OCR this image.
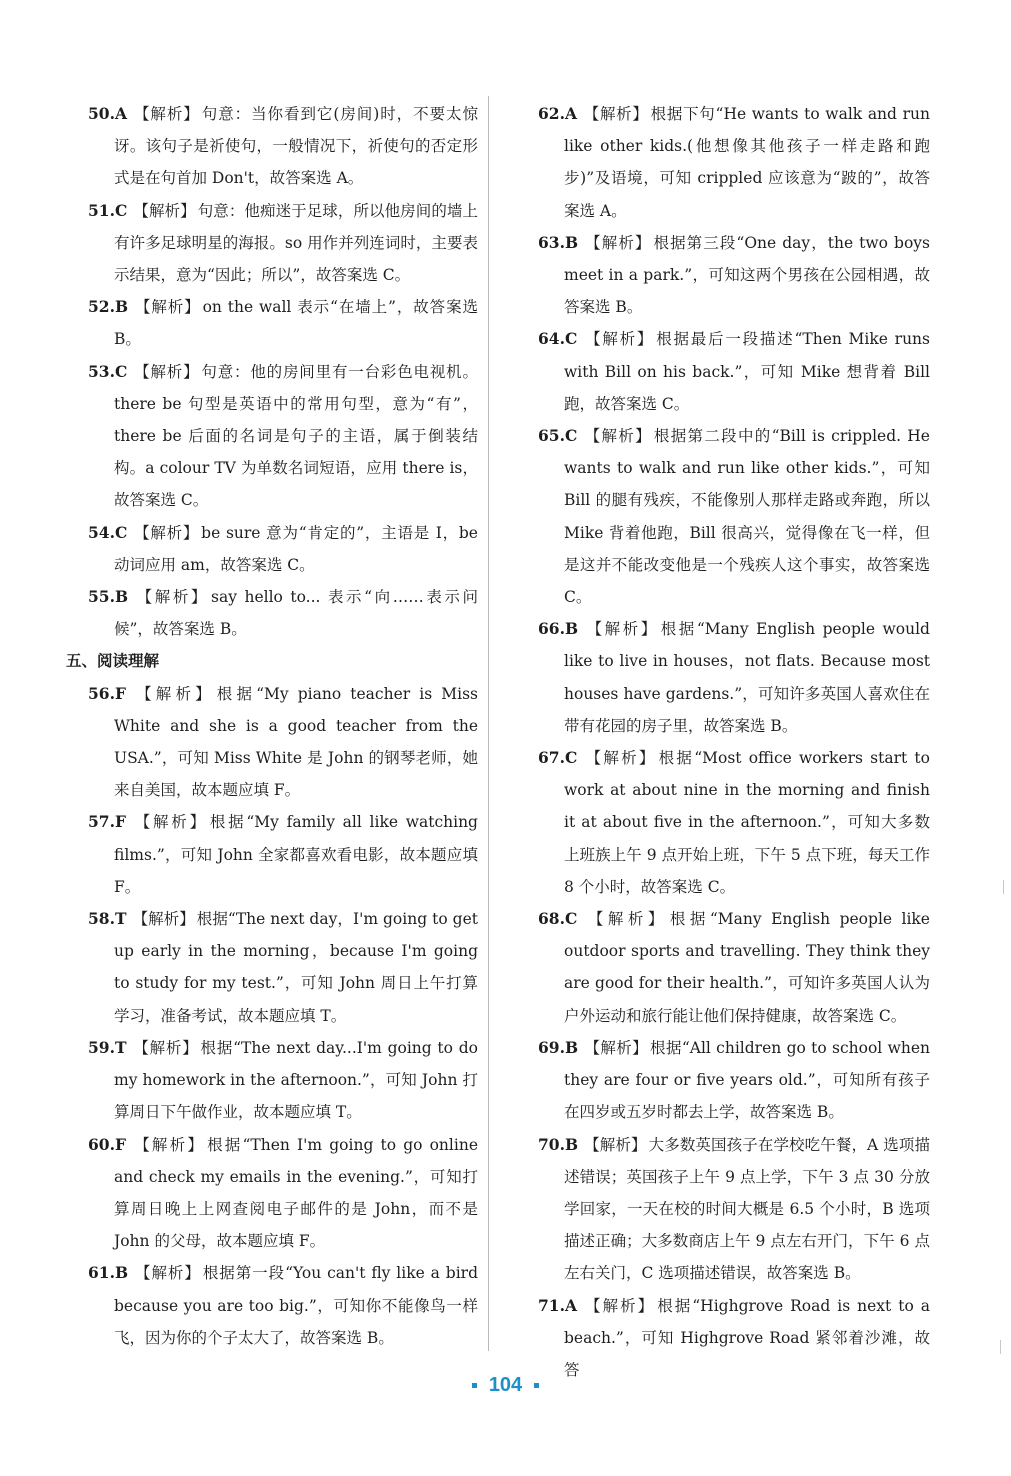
50.A 【解析】 句意：当你看到它(房间)时，不要太惊讶。该句子是祈使句，一般情况下，祈使句的否定形式是在句首加 Don't，故答案选 A。

51.C 【解析】 句意：他痴迷于足球，所以他房间的墙上有许多足球明星的海报。so 用作并列连词时，主要表示结果，意为“因此；所以”，故答案选 C。

52.B 【解析】 on the wall 表示“在墙上”，故答案选 B。

53.C 【解析】 句意：他的房间里有一台彩色电视机。there be 句型是英语中的常用句型，意为“有”，there be 后面的名词是句子的主语，属于倒装结构。a colour TV 为单数名词短语，应用 there is，故答案选 C。

54.C 【解析】 be sure 意为“肯定的”，主语是 I，be 动词应用 am，故答案选 C。

55.B 【解析】 say hello to... 表示“向……表示问候”，故答案选 B。

五、阅读理解

56.F 【解析】 根据“My piano teacher is Miss White and she is a good teacher from the USA.”，可知 Miss White 是 John 的钢琴老师，她来自美国，故本题应填 F。

57.F 【解析】 根据“My family all like watching films.”，可知 John 全家都喜欢看电影，故本题应填 F。

58.T 【解析】 根据“The next day，I'm going to get up early in the morning，because I'm going to study for my test.”，可知 John 周日上午打算学习，准备考试，故本题应填 T。

59.T 【解析】 根据“The next day...I'm going to do my homework in the afternoon.”，可知 John 打算周日下午做作业，故本题应填 T。

60.F 【解析】 根据“Then I'm going to go online and check my emails in the evening.”，可知打算周日晚上上网查阅电子邮件的是 John，而不是 John 的父母，故本题应填 F。

61.B 【解析】 根据第一段“You can't fly like a bird because you are too big.”，可知你不能像鸟一样飞，因为你的个子太大了，故答案选 B。

62.A 【解析】 根据下句“He wants to walk and run like other kids.(他想像其他孩子一样走路和跑步)”及语境，可知 crippled 应该意为“跛的”，故答案选 A。

63.B 【解析】 根据第三段“One day，the two boys meet in a park.”，可知这两个男孩在公园相遇，故答案选 B。

64.C 【解析】 根据最后一段描述“Then Mike runs with Bill on his back.”，可知 Mike 想背着 Bill 跑，故答案选 C。

65.C 【解析】 根据第二段中的“Bill is crippled. He wants to walk and run like other kids.”，可知 Bill 的腿有残疾，不能像别人那样走路或奔跑，所以 Mike 背着他跑，Bill 很高兴，觉得像在飞一样，但是这并不能改变他是一个残疾人这个事实，故答案选 C。

66.B 【解析】 根据“Many English people would like to live in houses，not flats. Because most houses have gardens.”，可知许多英国人喜欢住在带有花园的房子里，故答案选 B。

67.C 【解析】 根据“Most office workers start to work at about nine in the morning and finish it at about five in the afternoon.”，可知大多数上班族上午 9 点开始上班，下午 5 点下班，每天工作 8 个小时，故答案选 C。

68.C 【解析】 根据“Many English people like outdoor sports and travelling. They think they are good for their health.”，可知许多英国人认为户外运动和旅行能让他们保持健康，故答案选 C。

69.B 【解析】 根据“All children go to school when they are four or five years old.”，可知所有孩子在四岁或五岁时都去上学，故答案选 B。

70.B 【解析】 大多数英国孩子在学校吃午餐，A 选项描述错误；英国孩子上午 9 点上学，下午 3 点 30 分放学回家，一天在校的时间大概是 6.5 个小时，B 选项描述正确；大多数商店上午 9 点左右开门，下午 6 点左右关门，C 选项描述错误，故答案选 B。

71.A 【解析】 根据“Highgrove Road is next to a beach.”，可知 Highgrove Road 紧邻着沙滩，故答

104
